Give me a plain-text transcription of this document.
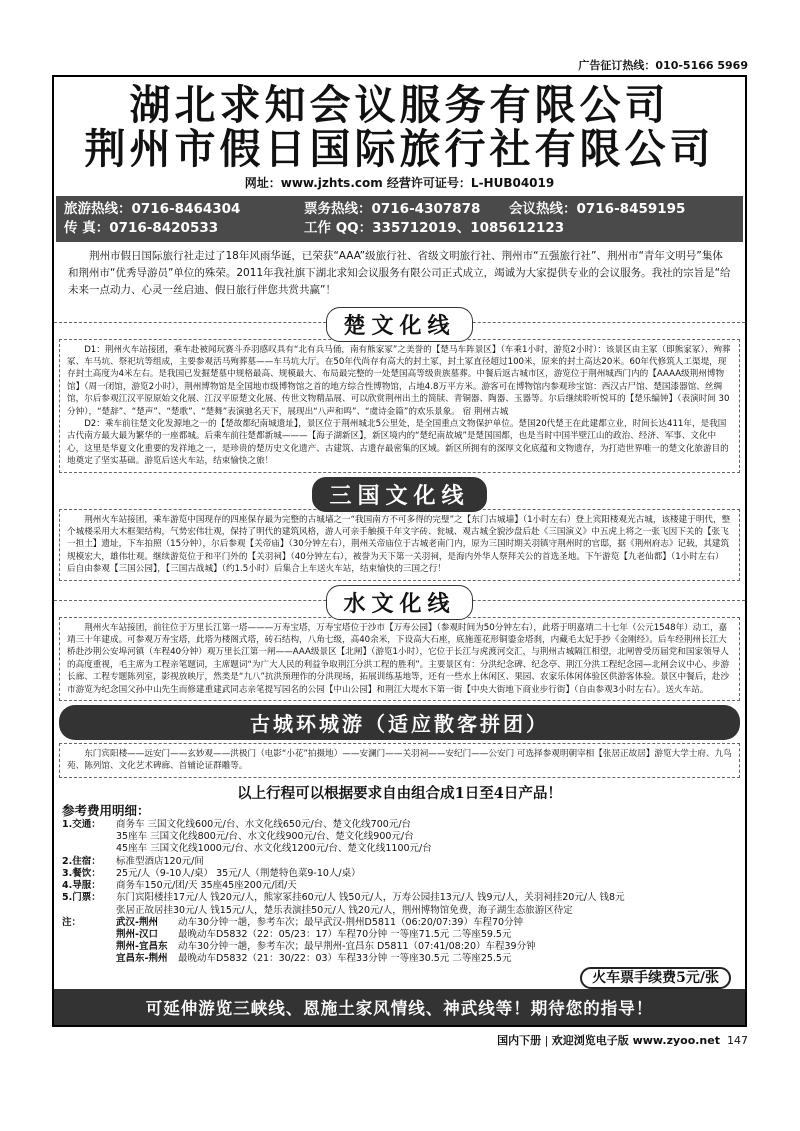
广告征订热线：010-5166 5969
湖北求知会议服务有限公司
荆州市假日国际旅行社有限公司
网址：www.jzhts.com 经营许可证号：L-HUB04019
旅游热线：0716-8464304	票务热线：0716-4307878	会议热线：0716-8459195
传 真：0716-8420533	工作 QQ：335712019、1085612123
荆州市假日国际旅行社走过了18年风雨华诞，已荣获“AAA”级旅行社、省级文明旅行社、荆州市“五强旅行社”、荆州市“青年文明号”集体和荆州市“优秀导游员”单位的殊荣。2011年我社旗下湖北求知会议服务有限公司正式成立，竭诚为大家提供专业的会议服务。我社的宗旨是“给未来一点动力、心灵一丝启迪、假日旅行伴您共赏共赢”！
楚文化线

D1：荆州火车站接团，乘车赴被闻玩赛斗乔羽感叹具有“北有兵马俑，南有熊家冢”之美誉的【楚马车阵景区】（车乘1小时，游览2小时）：该景区由主冢（即熊家冢）、殉葬冢、车马坑、祭祀坑等组成，主要参观活马殉葬墓——车马坑大厅。在50年代尚存有高大的封土冢，封土冢直径超过100米，原来的封土高达20米。60年代修筑人工渠堤，现存封土高度为4米左右。是我国已发掘楚墓中规格最高、规模最大、布局最完整的一处楚国高等级贵族墓葬。中餐后返古城市区，游览位于荆州城西门内的【AAAA级荆州博物馆】（周一闭馆，游览2小时），荆州博物馆是全国地市级博物馆之首的地方综合性博物馆，占地4.8万平方米。游客可在博物馆内参观珍宝馆：西汉古尸馆、楚国漆器馆、丝绸馆，尔后参观江汉平原原始文化展、江汉平原楚文化展、传世文物精品展、可以欣赏荆州出土的简牍、青铜器、陶器、玉器等。尔后继续聆听悦耳的【楚乐编钟】（表演时间 30分钟），“楚辞”、“楚声”、“楚歌”、“楚舞”表演驰名天下，展现出“八声和鸣”、“虞诗金篇”的欢乐景象。 宿 荆州古城

D2：乘车前往楚文化发源地之一的【楚故都纪南城遗址】，景区位于荆州城北5公里处，是全国重点文物保护单位。楚国20代楚王在此建都立业，时间长达411年，是我国古代南方最大最为繁华的一座都城。后乘车前往楚都新城———【海子湖新区】，新区境内的“楚纪南故城”是楚国国都，也是当时中国半壁江山的政治、经济、军事、文化中心，这里是华夏文化重要的发祥地之一，是珍贵的楚历史文化遗产、古建筑、古遗存最密集的区域。新区所拥有的深厚文化底蕴和文物遗存，为打造世界唯一的楚文化旅游目的地奠定了坚实基础。游览后送火车站，结束愉快之旅！

三国文化线

荆州火车站接团，乘车游览中国现存的四座保存最为完整的古城墙之一“我国南方不可多得的完璧”之【东门古城墙】（1小时左右）登上宾阳楼观光古城，该楼建于明代，整个城楼采用大木框架结构，气势宏伟壮观，保持了明代的建筑风格，游人可亲手触摸千年文字砖、瓮城、观古城全貌沙盘后赴《三国演义》中五虎上将之一张飞因下关的【张飞一担土】遗址，下车拍照（15分钟），尔后参观【关帝庙】（30分钟左右），荆州关帝庙位于古城老南门内，原为三国时期关羽镇守荆州时的官邸，据《荆州府志》记载，其建筑规模宏大，雄伟壮观。继续游览位于和平门外的【关羽祠】（40分钟左右），被誉为天下第一关羽祠，是海内外华人祭拜关公的首选圣地。下午游览【九老仙都】（1小时左右）后自由参观【三国公园】，【三国古战城】（约1.5小时）后集合上车送火车站，结束愉快的三国之行！

水文化线

荆州火车站接团，前往位于万里长江第一塔———万寿宝塔，万寿宝塔位于沙市【万寿公园】（参观时间为50分钟左右），此塔于明嘉靖二十七年（公元1548年）动工，嘉靖三十年建成。可参观万寿宝塔，此塔为楼阁式塔，砖石结构，八角七级，高40余米，下设高大石座，底施莲花形铜鎏金塔刹，内藏毛太妃手抄《金刚经》。后车经荆州长江大桥赴沙荆公安埠河镇（车程40分钟）观万里长江第一闸——AAA级景区【北闸】（游览1小时），它位于长江与虎渡河交汇，与荆州古城隔江相望，北闸曾受历届党和国家领导人的高度重视，毛主席为工程亲笔题词，主席题词“为广大人民的利益争取荆江分洪工程的胜利”。主要景区有：分洪纪念碑、纪念亭、荆江分洪工程纪念园—北闸会议中心、步游长廊、工程专题陈列室，影视放映厅，然类是“九八”抗洪预理作的分洪现场，拓展训练基地等，还有一些水上休闲区、果园、农家乐体闲体验区供游客体验。景区中餐后，赴沙市游览为纪念国父孙中山先生而修建重建武同志亲笔提写园名的公园【中山公园】和荆江大堤水下第一街【中央大街地下商业步行街】（自由参观3小时左右）。送火车站。

古城环城游（适应散客拼团）

东门宾阳楼——远安门——玄妙观——洪极门（电影“小花”拍摄地）——安澜门——关羽祠——安纪门——公安门 可选择参观明朝宰相【张居正故居】游览大学士府、九鸟苑、陈列馆、文化艺术碑廊、首辅论证群雕等。

以上行程可以根据要求自由组合成1日至4日产品！
参考费用明细：
1.交通：	商务车 三国文化线600元/台、水文化线650元/台、楚文化线700元/台
35座车 三国文化线800元/台、水文化线900元/台、楚文化线900元/台
45座车 三国文化线1000元/台、水文化线1200元/台、楚文化线1100元/台
2.住宿：	标准型酒店120元/间
3.餐饮：	25元/人（9-10人/桌） 35元/人（荆楚特色菜9-10人/桌）
4.导服：	商务车150元/团/天 35座45座200元/团/天
5.门票：	东门宾阳楼挂17元/人 钱20元/人，熊家冢挂60元/人 钱50元/人，万寿公园挂13元/人 钱9元/人，关羽祠挂20元/人 钱8元
张居正故居挂30元/人 钱15元/人，楚乐表演挂50元/人 钱20元/人，荆州博物馆免费，海子湖生态旅游区待定
注：	武汉-荆州	动车30分钟一趟，参考车次；最早武汉-荆州D5811（06:20/07:39）车程70分钟
荆州-汉口	最晚动车D5832（22：05/23：17）车程70分钟 一等座71.5元 二等座59.5元
荆州-宜昌东	动车30分钟一趟，参考车次；最早荆州-宜昌东 D5811（07:41/08:20）车程39分钟
宜昌东-荆州	最晚动车D5832（21：30/22：03）车程33分钟 一等座30.5元 二等座25.5元
火车票手续费5元/张
可延伸游览三峡线、恩施土家风情线、神武线等！期待您的指导！
国内下册 | 欢迎浏览电子版 www.zyoo.net 147
